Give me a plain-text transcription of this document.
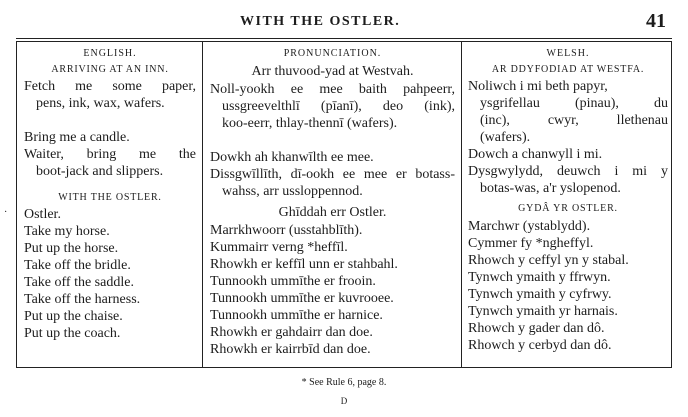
WITH THE OSTLER.	41
·
ENGLISH.
ARRIVING AT AN INN.
Fetch me some paper,
pens, ink, wax, wafers.
Bring me a candle.
Waiter, bring me the
boot-jack and slippers.
WITH THE OSTLER.
Ostler.
Take my horse.
Put up the horse.
Take off the bridle.
Take off the saddle.
Take off the harness.
Put up the chaise.
Put up the coach.
PRONUNCIATION.
Arr thuvood-yad at Westvah.
Noll-yookh ee mee baith pahpeerr,
ussgreevelthlī (pīanī), deo (ink),
koo-eerr, thlay-thennī (wafers).
Dowkh ah khanwīlth ee mee.
Dissgwīllīth, dī-ookh ee mee er botass-
wahss, arr ussloppennod.
Ghīddah err Ostler.
Marrkhwoorr (usstahblīth).
Kummairr verng *heffīl.
Rhowkh er keffīl unn er stahbahl.
Tunnookh ummīthe er frooin.
Tunnookh ummīthe er kuvrooee.
Tunnookh ummīthe er harnice.
Rhowkh er gahdairr dan doe.
Rhowkh er kairrbīd dan doe.
WELSH.
AR DDYFODIAD AT WESTFA.
Noliwch i mi beth papyr,
ysgrifellau (pinau), du
(inc), cwyr, llethenau
(wafers).
Dowch a chanwyll i mi.
Dysgwylydd, deuwch i mi y
botas-was, a'r yslopenod.
GYDÂ YR OSTLER.
Marchwr (ystablydd).
Cymmer fy *ngheffyl.
Rhowch y ceffyl yn y stabal.
Tynwch ymaith y ffrwyn.
Tynwch ymaith y cyfrwy.
Tynwch ymaith yr harnais.
Rhowch y gader dan dô.
Rhowch y cerbyd dan dô.
* See Rule 6, page 8.
D
